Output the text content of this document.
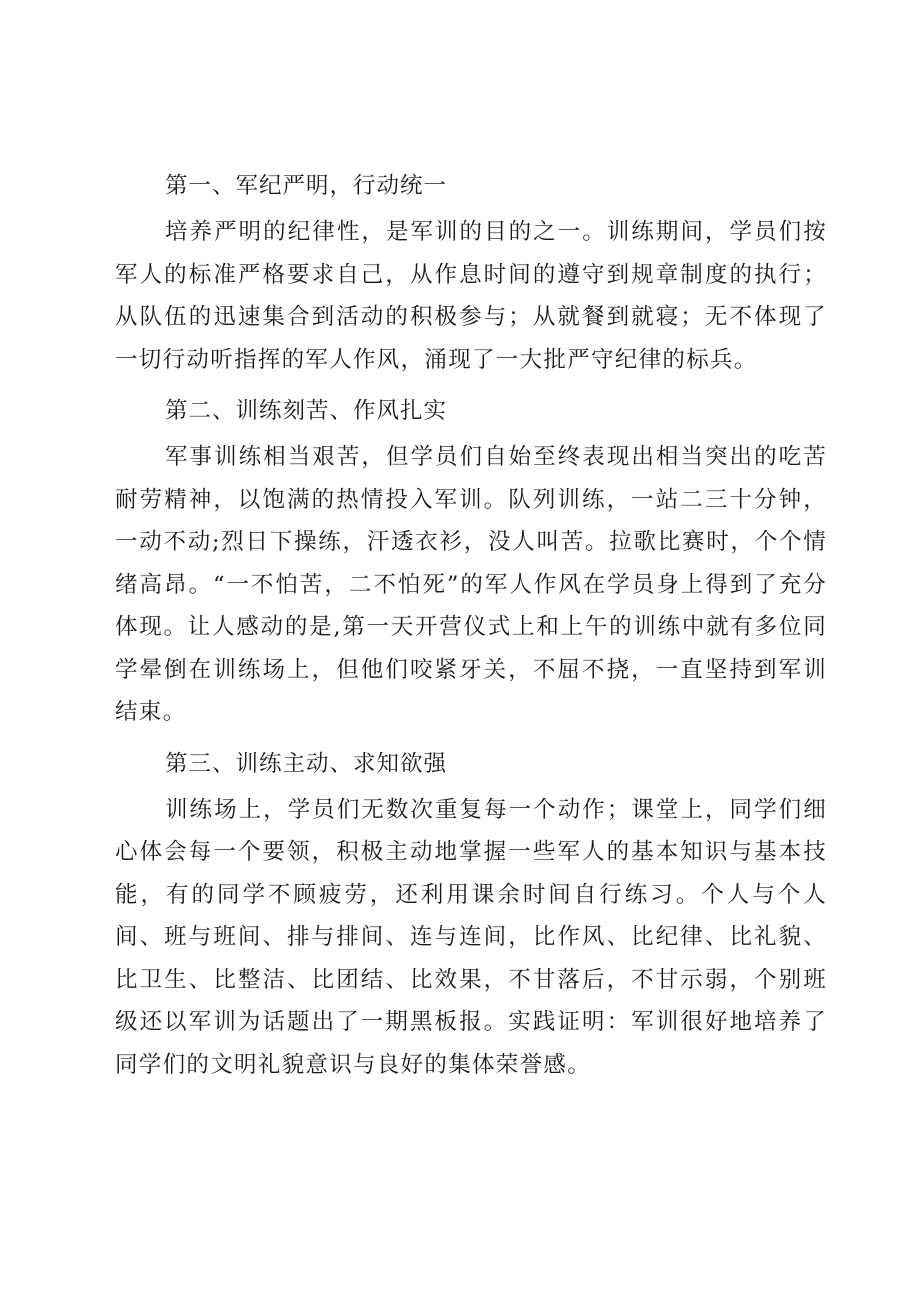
第一、军纪严明，行动统一

培养严明的纪律性，是军训的目的之一。训练期间，学员们按军人的标准严格要求自己，从作息时间的遵守到规章制度的执行；从队伍的迅速集合到活动的积极参与；从就餐到就寝；无不体现了一切行动听指挥的军人作风，涌现了一大批严守纪律的标兵。

第二、训练刻苦、作风扎实

军事训练相当艰苦，但学员们自始至终表现出相当突出的吃苦耐劳精神，以饱满的热情投入军训。队列训练，一站二三十分钟，一动不动;烈日下操练，汗透衣衫，没人叫苦。拉歌比赛时，个个情绪高昂。“一不怕苦，二不怕死”的军人作风在学员身上得到了充分体现。让人感动的是,第一天开营仪式上和上午的训练中就有多位同学晕倒在训练场上，但他们咬紧牙关，不屈不挠，一直坚持到军训结束。

第三、训练主动、求知欲强

训练场上，学员们无数次重复每一个动作；课堂上，同学们细心体会每一个要领，积极主动地掌握一些军人的基本知识与基本技能，有的同学不顾疲劳，还利用课余时间自行练习。个人与个人间、班与班间、排与排间、连与连间，比作风、比纪律、比礼貌、比卫生、比整洁、比团结、比效果，不甘落后，不甘示弱，个别班级还以军训为话题出了一期黑板报。实践证明：军训很好地培养了同学们的文明礼貌意识与良好的集体荣誉感。
